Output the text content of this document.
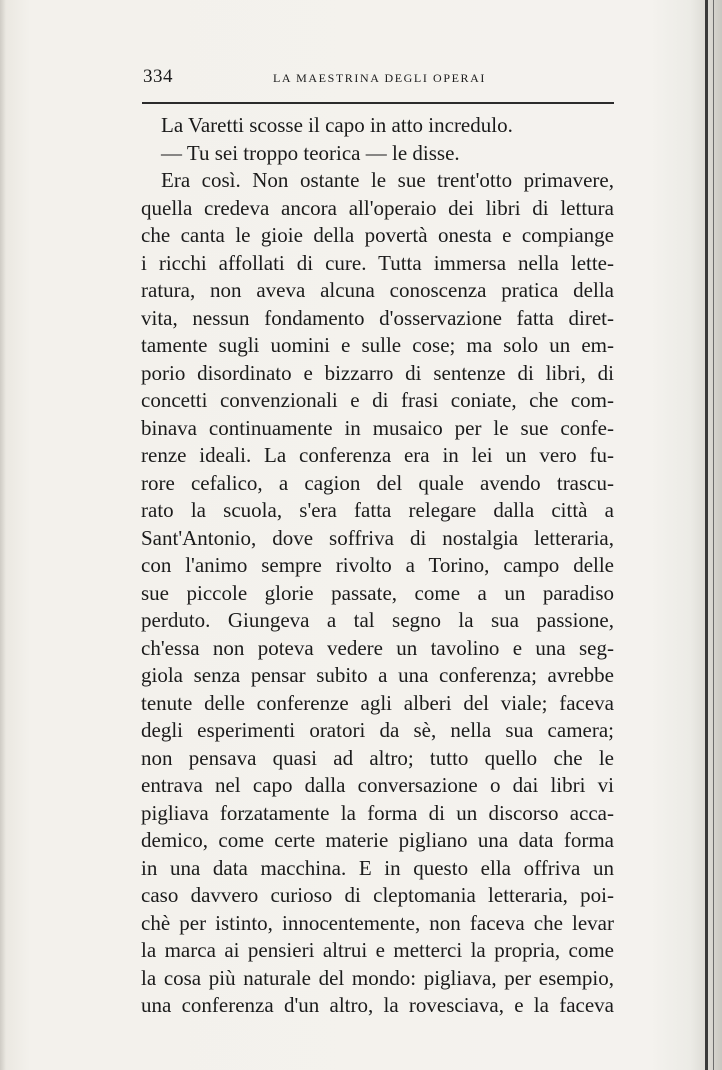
334	LA MAESTRINA DEGLI OPERAI
La Varetti scosse il capo in atto incredulo.
— Tu sei troppo teorica — le disse.
Era così. Non ostante le sue trent'otto primavere,
quella credeva ancora all'operaio dei libri di lettura
che canta le gioie della povertà onesta e compiange
i ricchi affollati di cure. Tutta immersa nella lette-
ratura, non aveva alcuna conoscenza pratica della
vita, nessun fondamento d'osservazione fatta diret-
tamente sugli uomini e sulle cose; ma solo un em-
porio disordinato e bizzarro di sentenze di libri, di
concetti convenzionali e di frasi coniate, che com-
binava continuamente in musaico per le sue confe-
renze ideali. La conferenza era in lei un vero fu-
rore cefalico, a cagion del quale avendo trascu-
rato la scuola, s'era fatta relegare dalla città a
Sant'Antonio, dove soffriva di nostalgia letteraria,
con l'animo sempre rivolto a Torino, campo delle
sue piccole glorie passate, come a un paradiso
perduto. Giungeva a tal segno la sua passione,
ch'essa non poteva vedere un tavolino e una seg-
giola senza pensar subito a una conferenza; avrebbe
tenute delle conferenze agli alberi del viale; faceva
degli esperimenti oratori da sè, nella sua camera;
non pensava quasi ad altro; tutto quello che le
entrava nel capo dalla conversazione o dai libri vi
pigliava forzatamente la forma di un discorso acca-
demico, come certe materie pigliano una data forma
in una data macchina. E in questo ella offriva un
caso davvero curioso di cleptomania letteraria, poi-
chè per istinto, innocentemente, non faceva che levar
la marca ai pensieri altrui e metterci la propria, come
la cosa più naturale del mondo: pigliava, per esempio,
una conferenza d'un altro, la rovesciava, e la faceva
